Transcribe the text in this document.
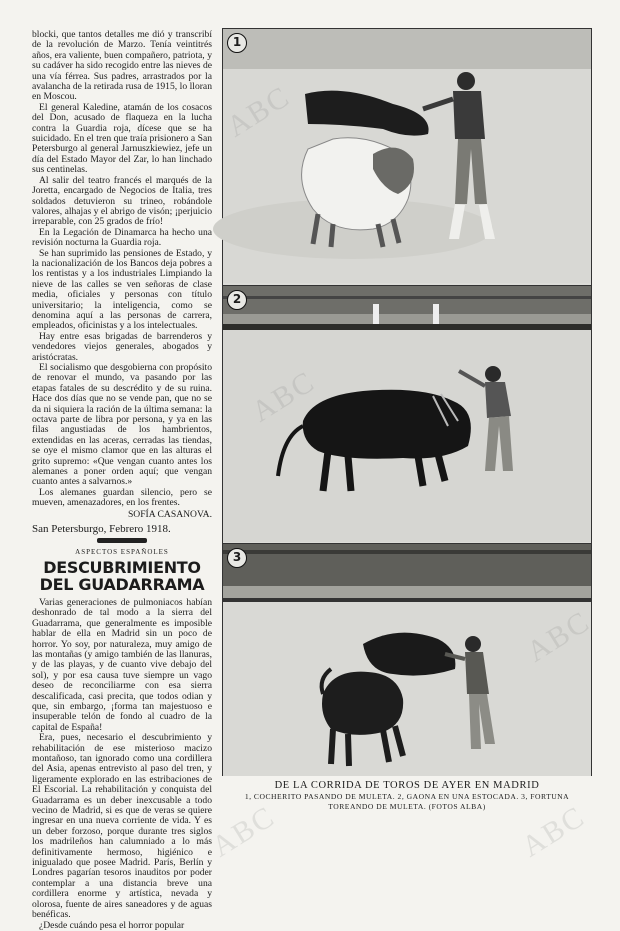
blocki, que tantos detalles me dió y transcribí de la revolución de Marzo. Tenía veintitrés años, era valiente, buen compañero, patriota, y su cadáver ha sido recogido entre las nieves de una vía férrea. Sus padres, arrastrados por la avalancha de la retirada rusa de 1915, lo lloran en Moscou.

El general Kaledine, atamán de los cosacos del Don, acusado de flaqueza en la lucha contra la Guardia roja, dícese que se ha suicidado. En el tren que traía prisionero a San Petersburgo al general Jarnuszkiewiez, jefe un día del Estado Mayor del Zar, lo han linchado sus centinelas.

Al salir del teatro francés el marqués de la Joretta, encargado de Negocios de Italia, tres soldados detuvieron su trineo, robándole valores, alhajas y el abrigo de visón; ¡perjuicio irreparable, con 25 grados de frío!

En la Legación de Dinamarca ha hecho una revisión nocturna la Guardia roja.

Se han suprimido las pensiones de Estado, y la nacionalización de los Bancos deja pobres a los rentistas y a los industriales Limpiando la nieve de las calles se ven señoras de clase media, oficiales y personas con título universitario; la inteligencia, como se denomina aquí a las personas de carrera, empleados, oficinistas y a los intelectuales.

Hay entre esas brigadas de barrenderos y vendedores viejos generales, abogados y aristócratas.

El socialismo que desgobierna con propósito de renovar el mundo, va pasando por las etapas fatales de su descrédito y de su ruina. Hace dos días que no se vende pan, que no se da ni siquiera la ración de la última semana: la octava parte de libra por persona, y ya en las filas angustiadas de los hambrientos, extendidas en las aceras, cerradas las tiendas, se oye el mismo clamor que en las alturas el grito supremo: «Que vengan cuanto antes los alemanes a poner orden aquí; que vengan cuanto antes a salvarnos.»

Los alemanes guardan silencio, pero se mueven, amenazadores, en los frentes.

SOFÍA CASANOVA.

San Petersburgo, Febrero 1918.

ASPECTOS ESPAÑOLES
DESCUBRIMIENTO DEL GUADARRAMA

Varias generaciones de pulmoniacos habían deshonrado de tal modo a la sierra del Guadarrama, que generalmente es imposible hablar de ella en Madrid sin un poco de horror. Yo soy, por naturaleza, muy amigo de las montañas (y amigo también de las llanuras, y de las playas, y de cuanto vive debajo del sol), y por esa causa tuve siempre un vago deseo de reconciliarme con esa sierra descalificada, casi precita, que todos odian y que, sin embargo, ¡forma tan majestuoso e insuperable telón de fondo al cuadro de la capital de España!

Era, pues, necesario el descubrimiento y rehabilitación de ese misterioso macizo montañoso, tan ignorado como una cordillera del Asia, apenas entrevisto al paso del tren, y ligeramente explorado en las estribaciones de El Escorial. La rehabilitación y conquista del Guadarrama es un deber inexcusable a todo vecino de Madrid, si es que de veras se quiere ingresar en una nueva corriente de vida. Y es un deber forzoso, porque durante tres siglos los madrileños han calumniado a lo más definitivamente hermoso, higiénico e inigualado que posee Madrid. París, Berlín y Londres pagarían tesoros inauditos por poder contemplar a una distancia breve una cordillera enorme y artística, nevada y olorosa, fuente de aires saneadores y de aguas benéficas.

¿Desde cuándo pesa el horror popular

1
2
3
DE LA CORRIDA DE TOROS DE AYER EN MADRID
1, COCHERITO PASANDO DE MULETA. 2, GAONA EN UNA ESTOCADA. 3, FORTUNA TOREANDO DE MULETA. (FOTOS ALBA)
ABC	ABC
